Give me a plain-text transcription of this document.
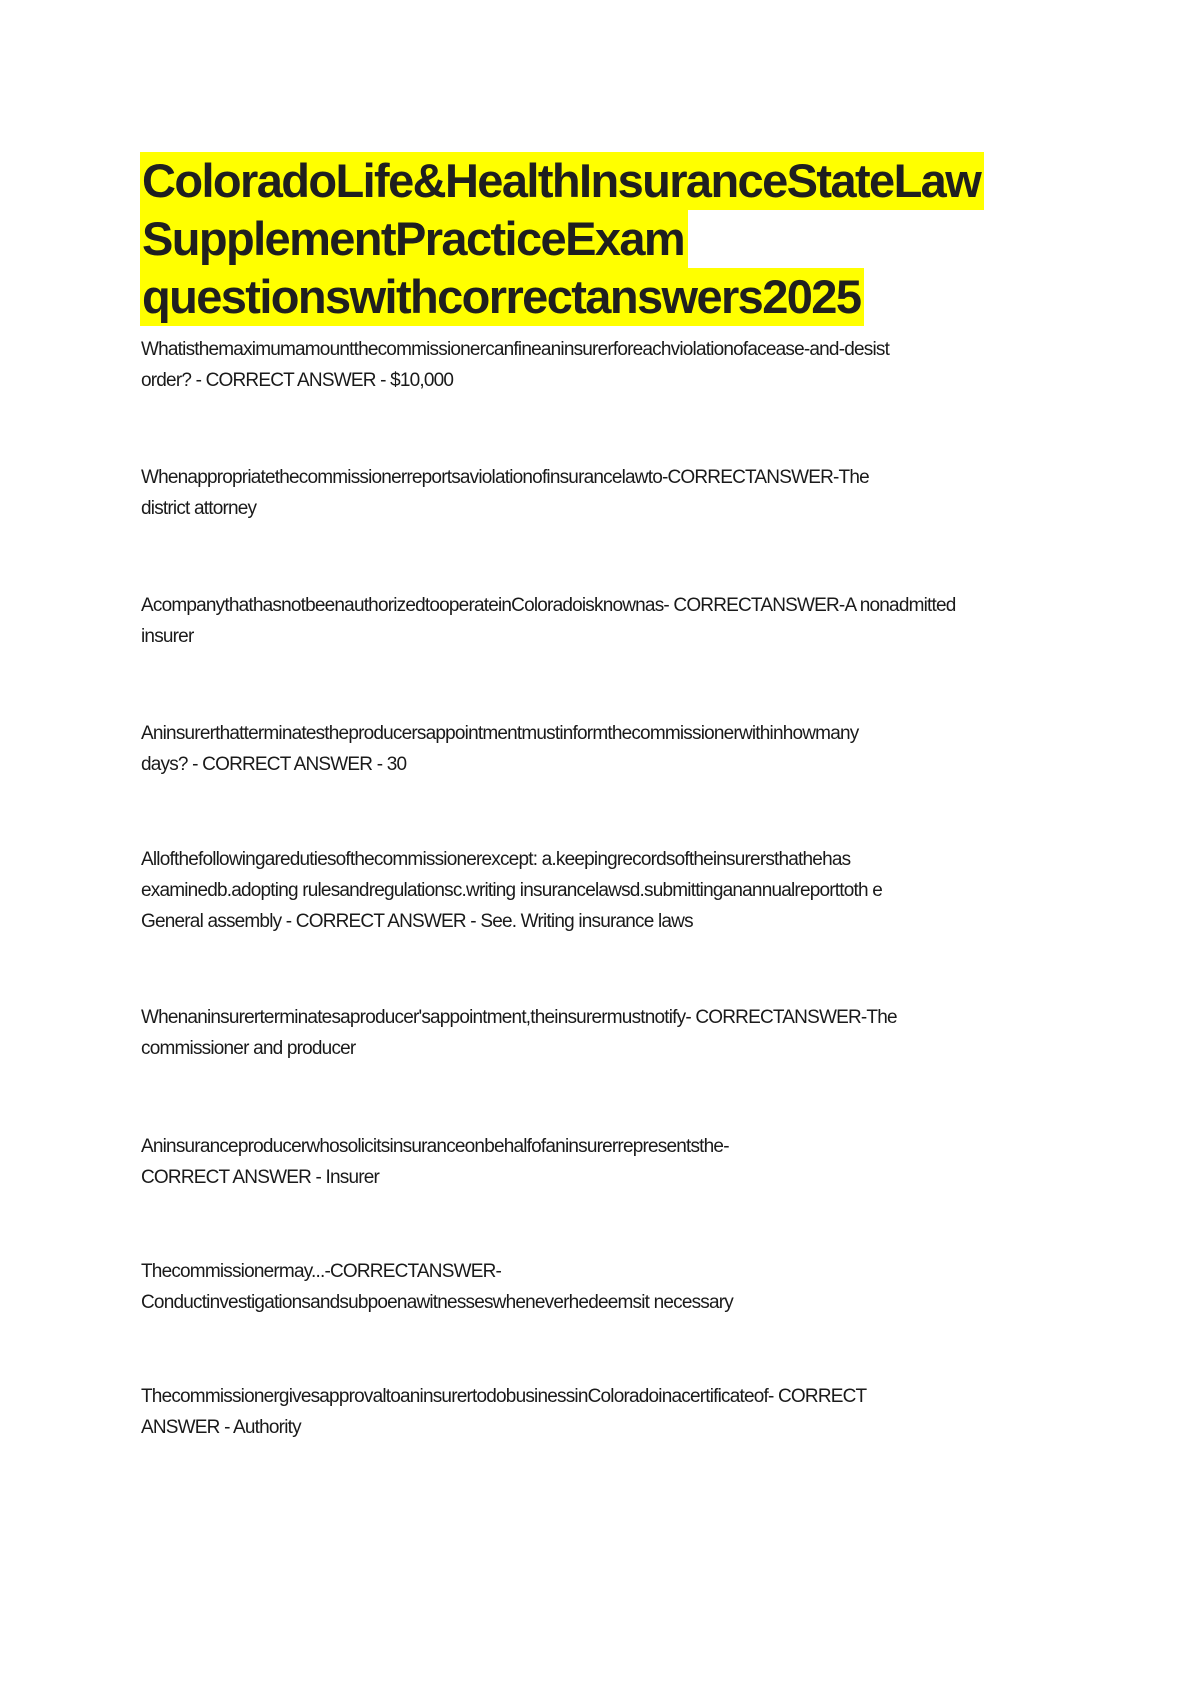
ColoradoLife&HealthInsuranceStateLaw
SupplementPracticeExam
questionswithcorrectanswers2025
Whatisthemaximumamountthecommissionercanfineaninsurerforeachviolationofacease-and-desist
order? - CORRECT ANSWER - $10,000
Whenappropriatethecommissionerreportsaviolationofinsurancelawto-CORRECTANSWER-The
district attorney
AcompanythathasnotbeenauthorizedtooperateinColoradoisknownas- CORRECTANSWER-A nonadmitted
insurer
Aninsurerthatterminatestheproducersappointmentmustinformthecommissionerwithinhowmany
days? - CORRECT ANSWER - 30
Allofthefollowingaredutiesofthecommissionerexcept: a.keepingrecordsoftheinsurersthathehas
examinedb.adopting rulesandregulationsc.writing insurancelawsd.submittinganannualreporttoth e
General assembly - CORRECT ANSWER - See. Writing insurance laws
Whenaninsurerterminatesaproducer'sappointment,theinsurermustnotify- CORRECTANSWER-The
commissioner and producer
Aninsuranceproducerwhosolicitsinsuranceonbehalfofaninsurerrepresentsthe-
CORRECT ANSWER - Insurer
Thecommissionermay...-CORRECTANSWER-
Conductinvestigationsandsubpoenawitnesseswheneverhedeemsit necessary
ThecommissionergivesapprovaltoaninsurertodobusinessinColoradoinacertificateof- CORRECT
ANSWER - Authority
